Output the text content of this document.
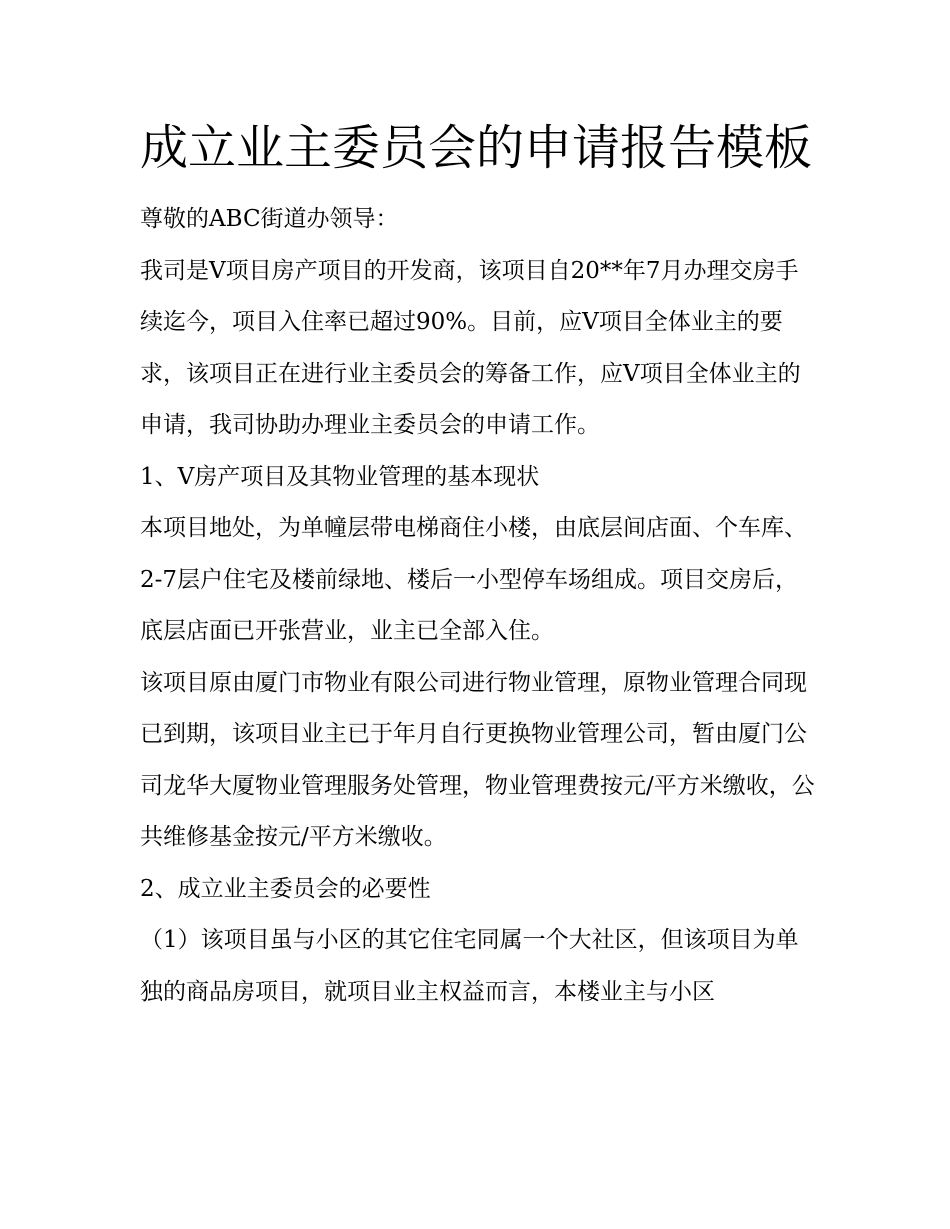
成立业主委员会的申请报告模板

尊敬的ABC街道办领导：

我司是V项目房产项目的开发商，该项目自20**年7月办理交房手续迄今，项目入住率已超过90%。目前，应V项目全体业主的要求，该项目正在进行业主委员会的筹备工作，应V项目全体业主的申请，我司协助办理业主委员会的申请工作。

1、V房产项目及其物业管理的基本现状

本项目地处，为单幢层带电梯商住小楼，由底层间店面、个车库、2-7层户住宅及楼前绿地、楼后一小型停车场组成。项目交房后，底层店面已开张营业，业主已全部入住。

该项目原由厦门市物业有限公司进行物业管理，原物业管理合同现已到期，该项目业主已于年月自行更换物业管理公司，暂由厦门公司龙华大厦物业管理服务处管理，物业管理费按元/平方米缴收，公共维修基金按元/平方米缴收。

2、成立业主委员会的必要性

（1）该项目虽与小区的其它住宅同属一个大社区，但该项目为单独的商品房项目，就项目业主权益而言，本楼业主与小区
